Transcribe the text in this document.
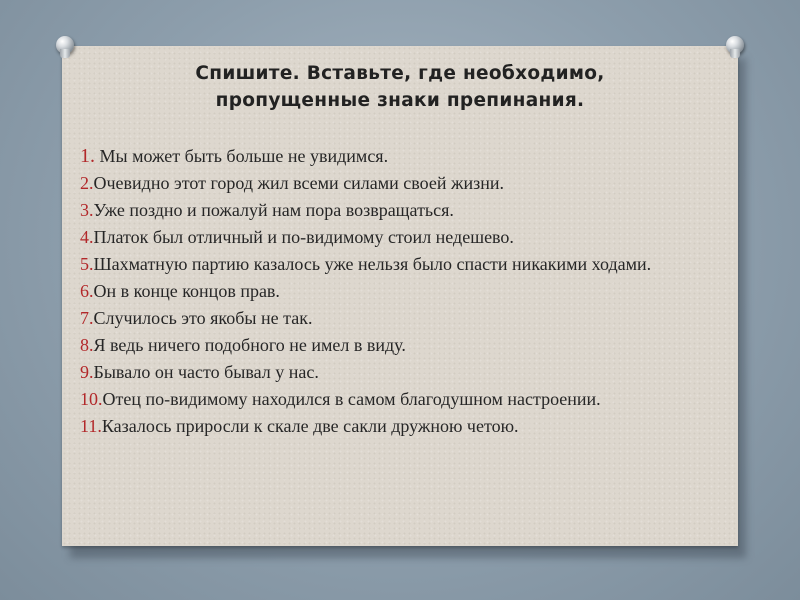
Спишите. Вставьте, где необходимо,
пропущенные знаки препинания.

1. Мы может быть больше не увидимся.

2.Очевидно этот город жил всеми силами своей жизни.

3.Уже поздно и пожалуй нам пора возвращаться.

4.Платок был отличный и по-видимому стоил недешево.

5.Шахматную партию казалось уже нельзя было спасти никакими ходами.

6.Он в конце концов прав.

7.Случилось это якобы не так.

8.Я ведь ничего подобного не имел в виду.

9.Бывало он часто бывал у нас.

10.Отец по-видимому находился в самом благодушном настроении.

11.Казалось приросли к скале две сакли дружною четою.
